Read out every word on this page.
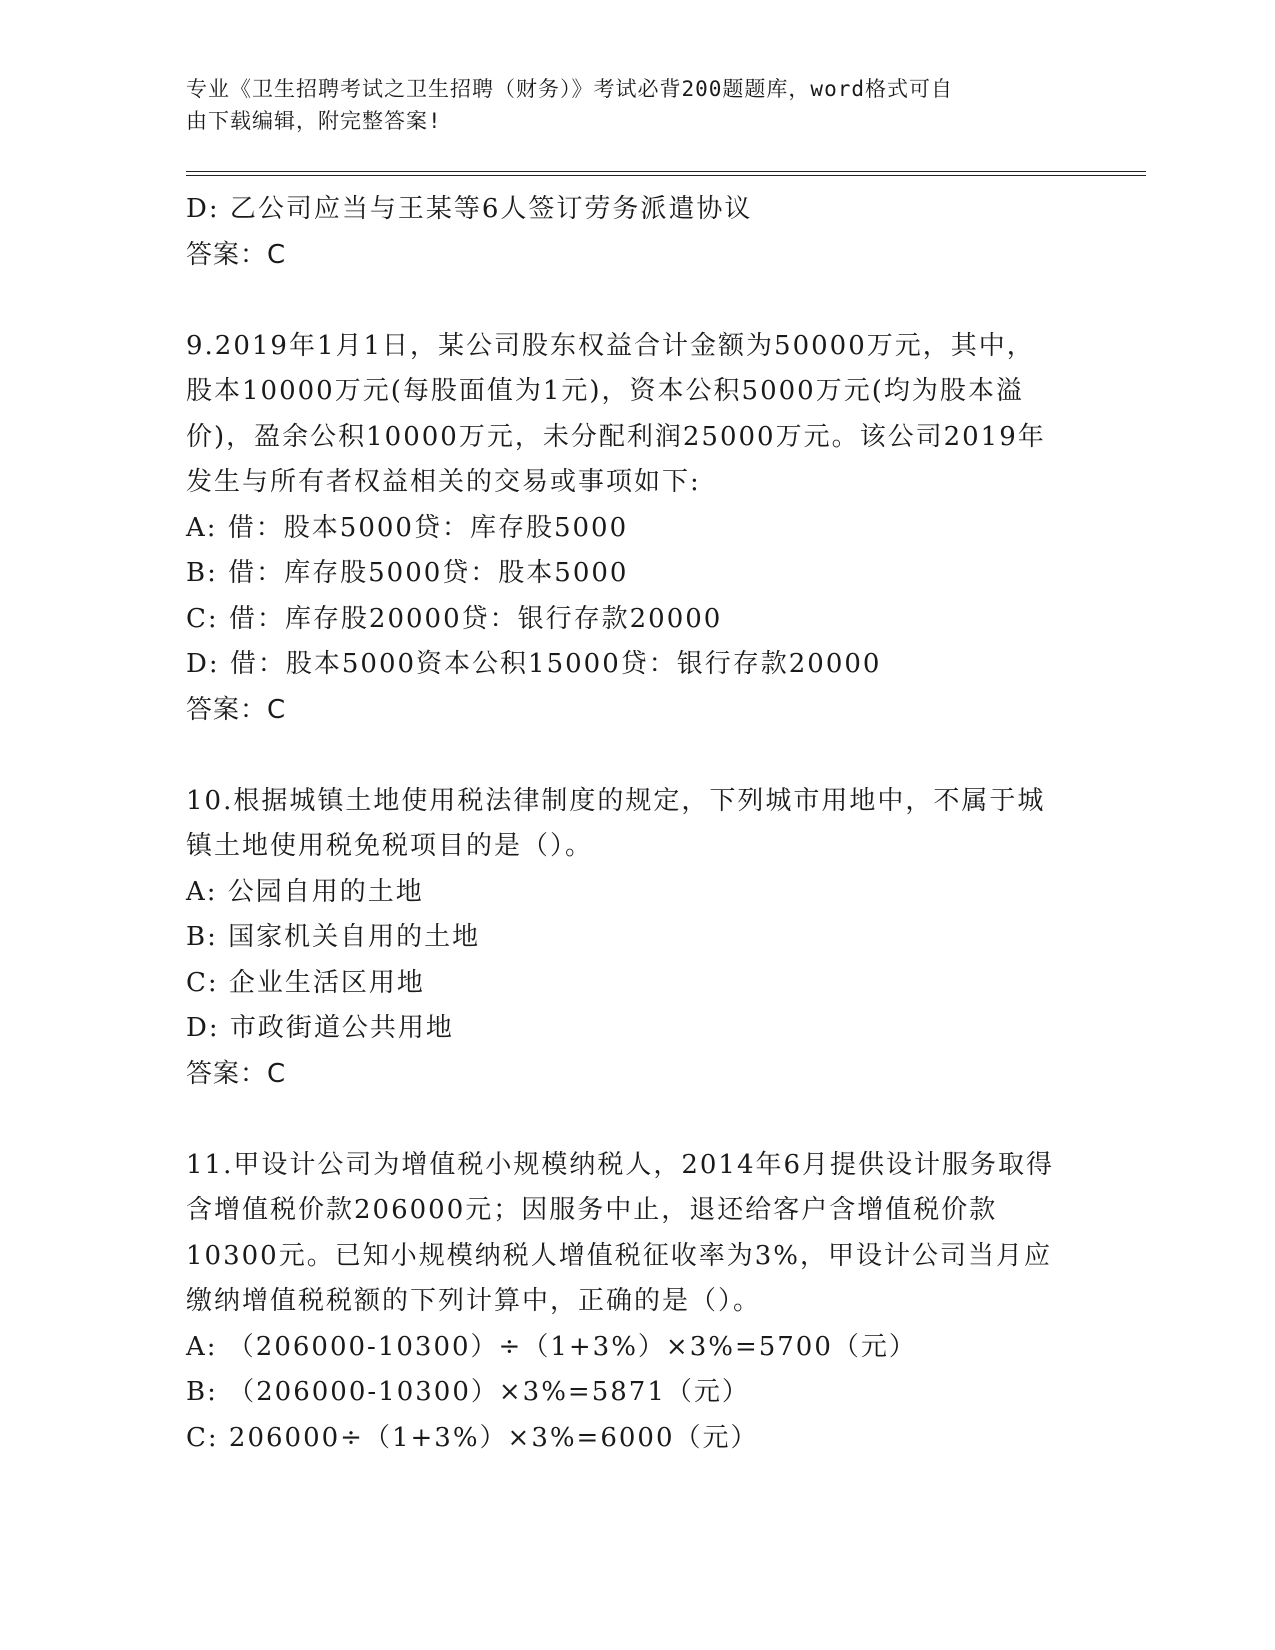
专业《卫生招聘考试之卫生招聘（财务）》考试必背200题题库，word格式可自
由下载编辑，附完整答案!
D: 乙公司应当与王某等6人签订劳务派遣协议
答案：C
9.2019年1月1日，某公司股东权益合计金额为50000万元，其中，
股本10000万元(每股面值为1元)，资本公积5000万元(均为股本溢
价)，盈余公积10000万元，未分配利润25000万元。该公司2019年
发生与所有者权益相关的交易或事项如下:
A: 借：股本5000贷：库存股5000
B: 借：库存股5000贷：股本5000
C: 借：库存股20000贷：银行存款20000
D: 借：股本5000资本公积15000贷：银行存款20000
答案：C
10.根据城镇土地使用税法律制度的规定，下列城市用地中，不属于城
镇土地使用税免税项目的是（）。
A: 公园自用的土地
B: 国家机关自用的土地
C: 企业生活区用地
D: 市政街道公共用地
答案：C
11.甲设计公司为增值税小规模纳税人，2014年6月提供设计服务取得
含增值税价款206000元；因服务中止，退还给客户含增值税价款
10300元。已知小规模纳税人增值税征收率为3%，甲设计公司当月应
缴纳增值税税额的下列计算中，正确的是（）。
A: （206000-10300）÷（1+3%）×3%=5700（元）
B: （206000-10300）×3%=5871（元）
C: 206000÷（1+3%）×3%=6000（元）
